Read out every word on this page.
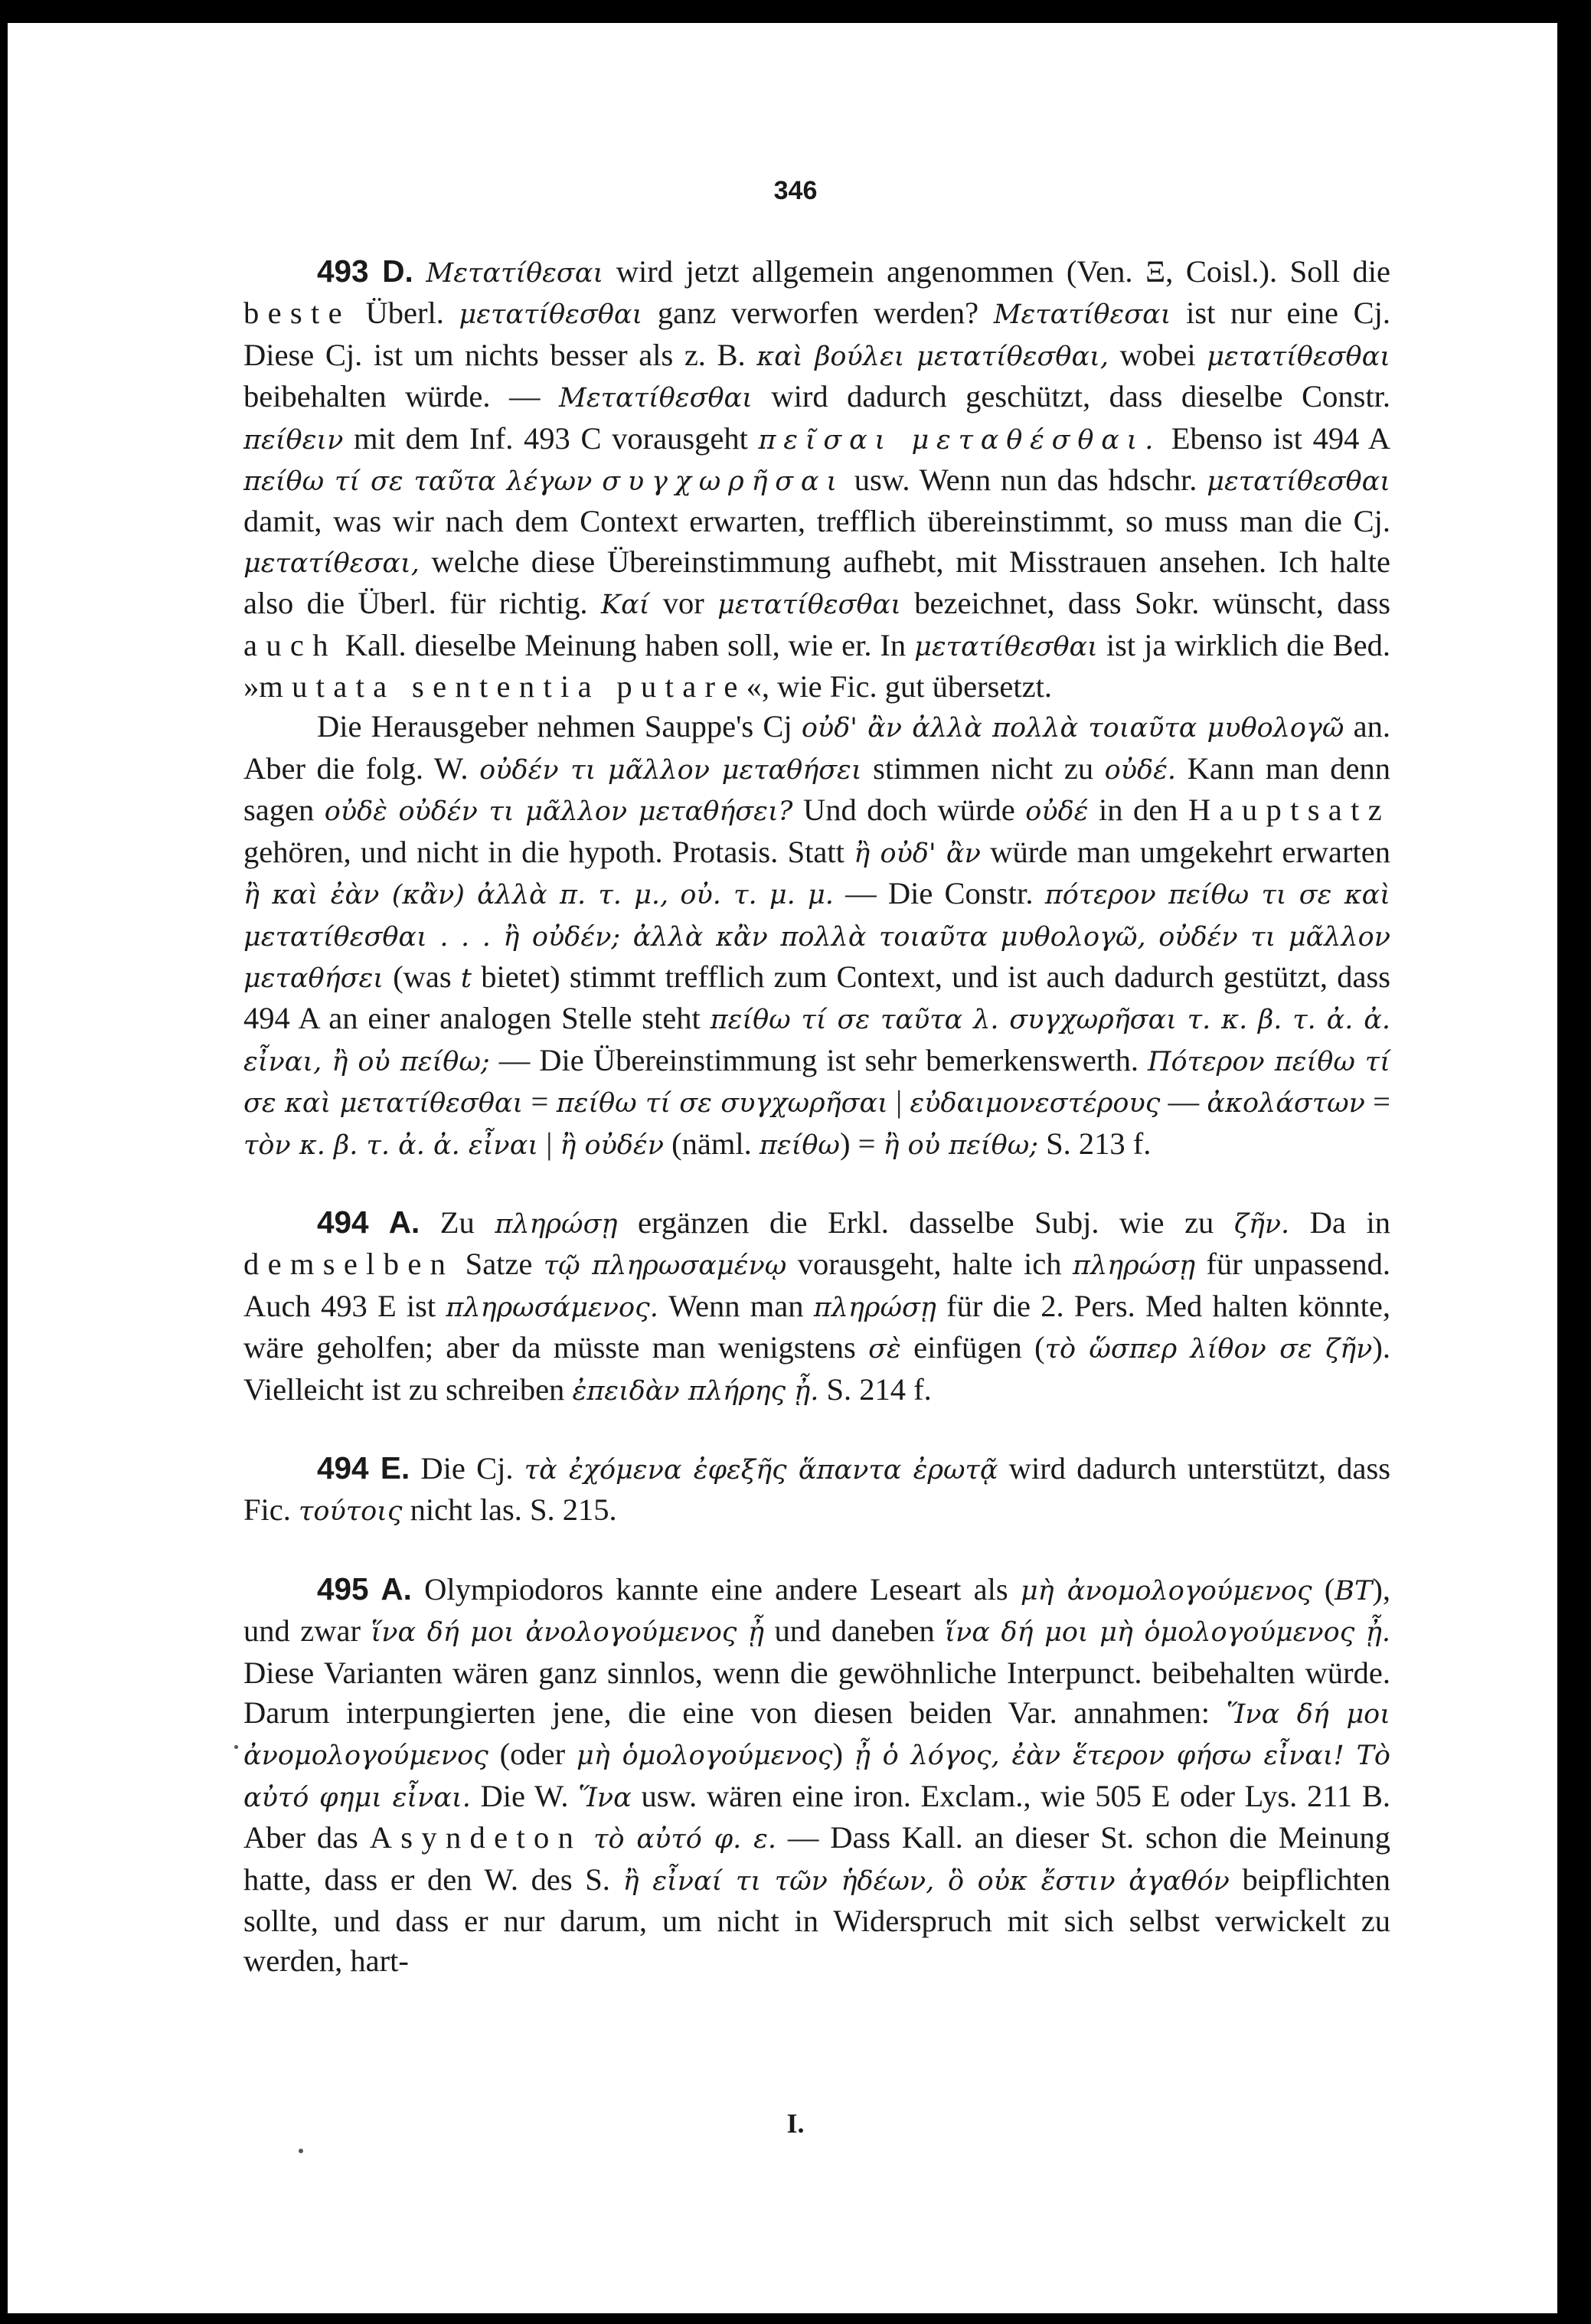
346

493 D. Μετατίθεσαι wird jetzt allgemein angenommen (Ven. Ξ, Coisl.). Soll die beste Überl. μετατίθεσθαι ganz verworfen werden? Μετατίθεσαι ist nur eine Cj. Diese Cj. ist um nichts besser als z. B. καὶ βούλει μετατίθεσθαι, wobei μετατίθεσθαι beibehalten würde. — Μετατίθεσθαι wird dadurch geschützt, dass dieselbe Constr. πείθειν mit dem Inf. 493 C vorausgeht πεῖσαι μεταθέσθαι. Ebenso ist 494 A πείθω τί σε ταῦτα λέγων συγχωρῆσαι usw. Wenn nun das hdschr. μετατίθεσθαι damit, was wir nach dem Context erwarten, trefflich übereinstimmt, so muss man die Cj. μετατίθεσαι, welche diese Übereinstimmung aufhebt, mit Misstrauen ansehen. Ich halte also die Überl. für richtig. Καί vor μετατίθεσθαι bezeichnet, dass Sokr. wünscht, dass auch Kall. dieselbe Meinung haben soll, wie er. In μετατίθεσθαι ist ja wirklich die Bed. »mutata sententia putare«, wie Fic. gut übersetzt.

Die Herausgeber nehmen Sauppe's Cj οὐδ' ἂν ἀλλὰ πολλὰ τοιαῦτα μυθολογῶ an. Aber die folg. W. οὐδέν τι μᾶλλον μεταθήσει stimmen nicht zu οὐδέ. Kann man denn sagen οὐδὲ οὐδέν τι μᾶλλον μεταθήσει? Und doch würde οὐδέ in den Hauptsatz gehören, und nicht in die hypoth. Protasis. Statt ἢ οὐδ' ἂν würde man umgekehrt erwarten ἢ καὶ ἐὰν (κἂν) ἀλλὰ π. τ. μ., οὐ. τ. μ. μ. — Die Constr. πότερον πείθω τι σε καὶ μετατίθεσθαι . . . ἢ οὐδέν; ἀλλὰ κἂν πολλὰ τοιαῦτα μυθολογῶ, οὐδέν τι μᾶλλον μεταθήσει (was t bietet) stimmt trefflich zum Context, und ist auch dadurch gestützt, dass 494 A an einer analogen Stelle steht πείθω τί σε ταῦτα λ. συγχωρῆσαι τ. κ. β. τ. ἀ. ἀ. εἶναι, ἢ οὐ πείθω; — Die Übereinstimmung ist sehr bemerkenswerth. Πότερον πείθω τί σε καὶ μετατίθεσθαι = πείθω τί σε συγχωρῆσαι | εὐδαιμονεστέρους — ἀκολάστων = τὸν κ. β. τ. ἀ. ἀ. εἶναι | ἢ οὐδέν (näml. πείθω) = ἢ οὐ πείθω; S. 213 f.

494 A. Zu πληρώσῃ ergänzen die Erkl. dasselbe Subj. wie zu ζῆν. Da in demselben Satze τῷ πληρωσαμένῳ vorausgeht, halte ich πληρώσῃ für unpassend. Auch 493 E ist πληρωσάμενος. Wenn man πληρώσῃ für die 2. Pers. Med halten könnte, wäre geholfen; aber da müsste man wenigstens σὲ einfügen (τὸ ὥσπερ λίθον σε ζῆν). Vielleicht ist zu schreiben ἐπειδὰν πλήρης ᾖ. S. 214 f.

494 E. Die Cj. τὰ ἐχόμενα ἐφεξῆς ἅπαντα ἐρωτᾷ wird dadurch unterstützt, dass Fic. τούτοις nicht las. S. 215.

495 A. Olympiodoros kannte eine andere Leseart als μὴ ἀνομολογούμενος (BT), und zwar ἵνα δή μοι ἀνολογούμενος ᾖ und daneben ἵνα δή μοι μὴ ὁμολογούμενος ᾖ. Diese Varianten wären ganz sinnlos, wenn die gewöhnliche Interpunct. beibehalten würde. Darum interpungierten jene, die eine von diesen beiden Var. annahmen: Ἵνα δή μοι ἀνομολογούμενος (oder μὴ ὁμολογούμενος) ᾖ ὁ λόγος, ἐὰν ἕτερον φήσω εἶναι! Τὸ αὐτό φημι εἶναι. Die W. Ἵνα usw. wären eine iron. Exclam., wie 505 E oder Lys. 211 B. Aber das Asyndeton τὸ αὐτό φ. ε. — Dass Kall. an dieser St. schon die Meinung hatte, dass er den W. des S. ἢ εἶναί τι τῶν ἡδέων, ὃ οὐκ ἔστιν ἀγαθόν beipflichten sollte, und dass er nur darum, um nicht in Widerspruch mit sich selbst verwickelt zu werden, hart-

I.
